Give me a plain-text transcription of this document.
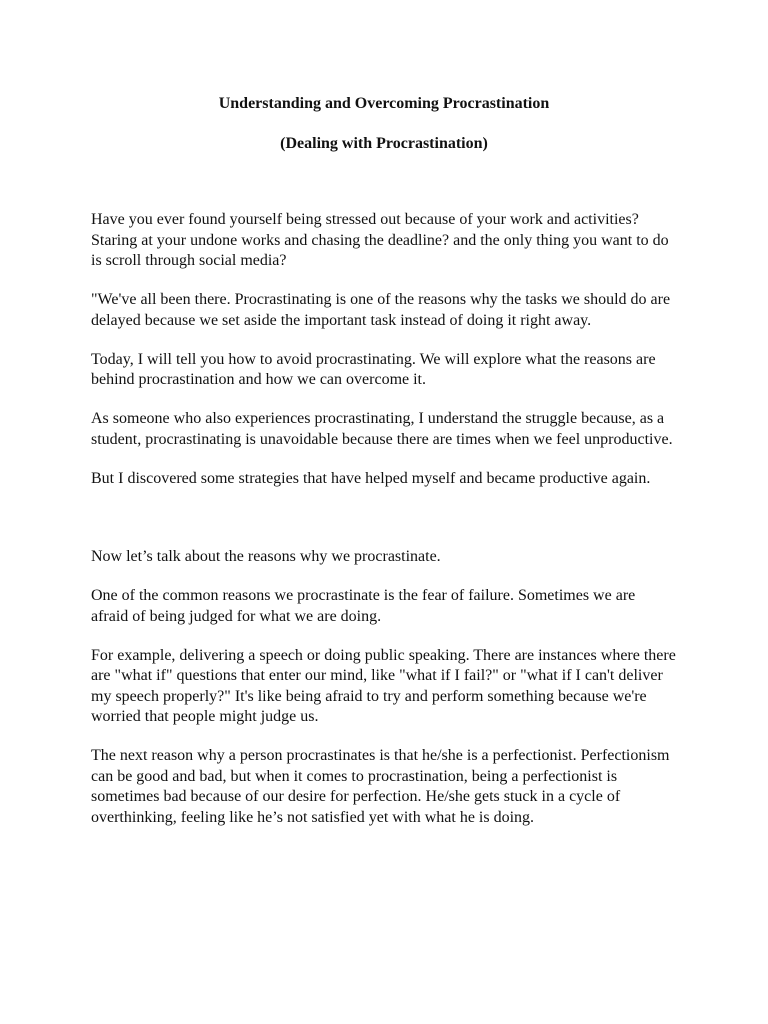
Understanding and Overcoming Procrastination
(Dealing with Procrastination)

Have you ever found yourself being stressed out because of your work and activities? Staring at your undone works and chasing the deadline? and the only thing you want to do is scroll through social media?

"We've all been there. Procrastinating is one of the reasons why the tasks we should do are delayed because we set aside the important task instead of doing it right away.

Today, I will tell you how to avoid procrastinating. We will explore what the reasons are behind procrastination and how we can overcome it.

As someone who also experiences procrastinating, I understand the struggle because, as a student, procrastinating is unavoidable because there are times when we feel unproductive.

But I discovered some strategies that have helped myself and became productive again.

Now let’s talk about the reasons why we procrastinate.

One of the common reasons we procrastinate is the fear of failure. Sometimes we are afraid of being judged for what we are doing.

For example, delivering a speech or doing public speaking. There are instances where there are "what if" questions that enter our mind, like "what if I fail?" or "what if I can't deliver my speech properly?" It's like being afraid to try and perform something because we're worried that people might judge us.

The next reason why a person procrastinates is that he/she is a perfectionist. Perfectionism can be good and bad, but when it comes to procrastination, being a perfectionist is sometimes bad because of our desire for perfection. He/she gets stuck in a cycle of overthinking, feeling like he’s not satisfied yet with what he is doing.
